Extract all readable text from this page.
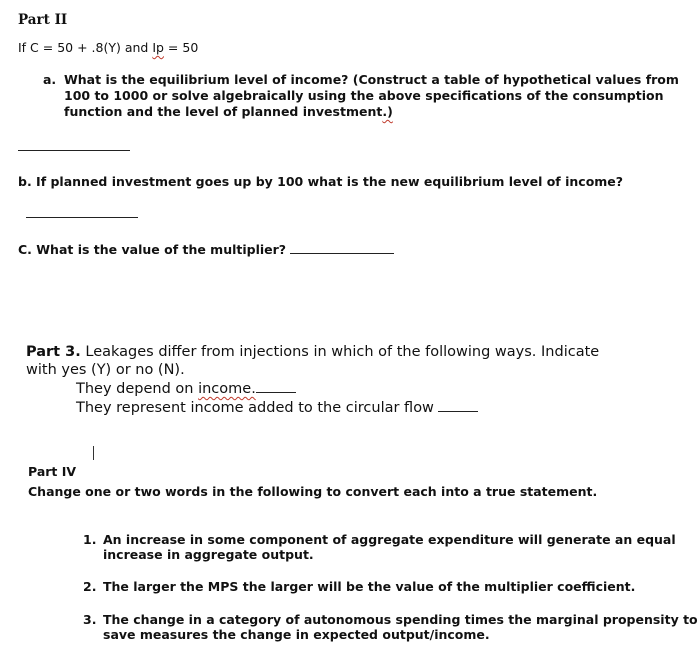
Part II
If C = 50 + .8(Y) and Ip = 50
a. What is the equilibrium level of income? (Construct a table of hypothetical values from
100 to 1000 or solve algebraically using the above specifications of the consumption
function and the level of planned investment.)
b. If planned investment goes up by 100 what is the new equilibrium level of income?
C. What is the value of the multiplier?
Part 3. Leakages differ from injections in which of the following ways. Indicate
with yes (Y) or no (N).
They depend on income.
They represent income added to the circular flow
Part IV
Change one or two words in the following to convert each into a true statement.
1. An increase in some component of aggregate expenditure will generate an equal
increase in aggregate output.
2. The larger the MPS the larger will be the value of the multiplier coefficient.
3. The change in a category of autonomous spending times the marginal propensity to
save measures the change in expected output/income.
